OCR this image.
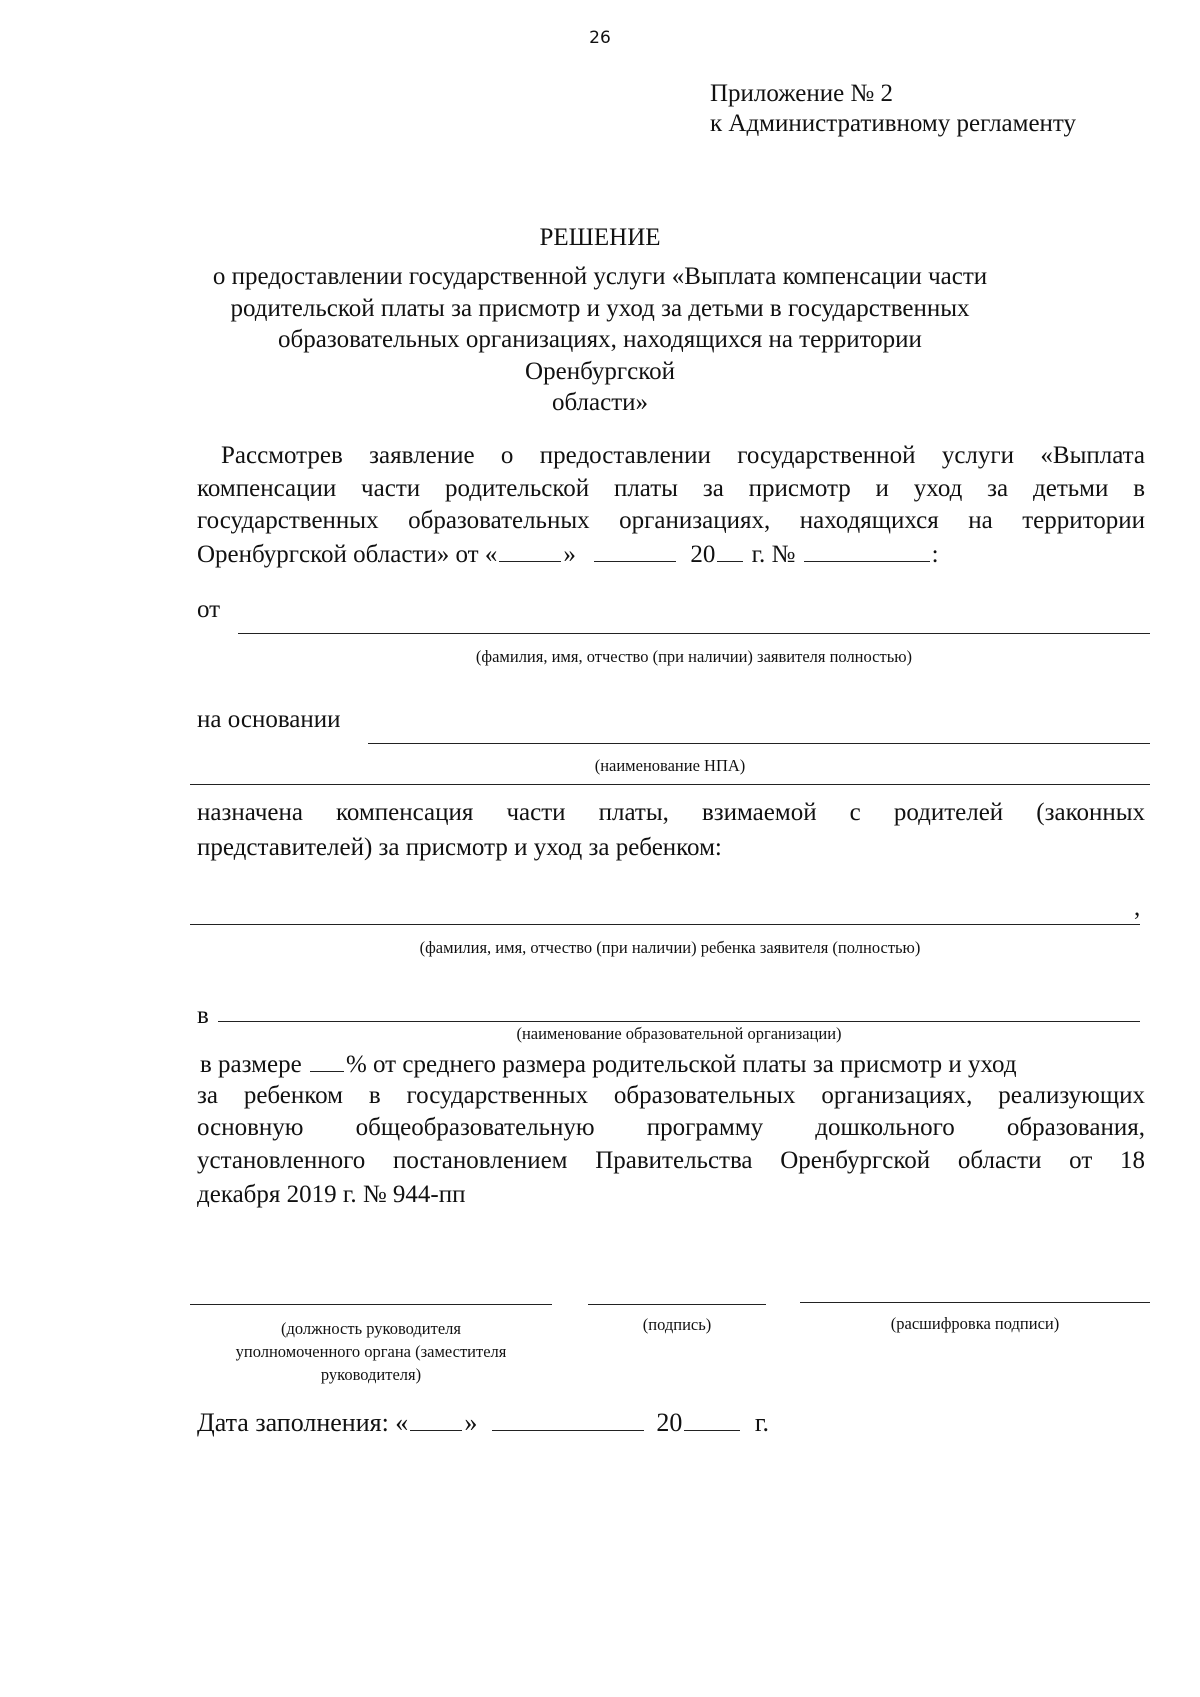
26
Приложение № 2
к Административному регламенту
РЕШЕНИЕ
о предоставлении государственной услуги «Выплата компенсации части
родительской платы за присмотр и уход за детьми в государственных
образовательных организациях, находящихся на территории Оренбургской
области»
Рассмотрев заявление о предоставлении государственной услуги «Выплата
компенсации части родительской платы за присмотр и уход за детьми в
государственных образовательных организациях, находящихся на территории
Оренбургской области» от «	»	20 г. №	:
от
(фамилия, имя, отчество (при наличии) заявителя полностью)
на основании
(наименование НПА)
назначена компенсация части платы, взимаемой с родителей (законных
представителей) за присмотр и уход за ребенком:
,
(фамилия, имя, отчество (при наличии) ребенка заявителя (полностью)
в
(наименование образовательной организации)
в размере % от среднего размера родительской платы за присмотр и уход
за ребенком в государственных образовательных организациях, реализующих
основную общеобразовательную программу дошкольного образования,
установленного постановлением Правительства Оренбургской области от 18
декабря 2019 г. № 944-пп
(должность руководителя
уполномоченного органа (заместителя
руководителя)
(подпись)	(расшифровка подписи)
Дата заполнения: « »	20	г.
